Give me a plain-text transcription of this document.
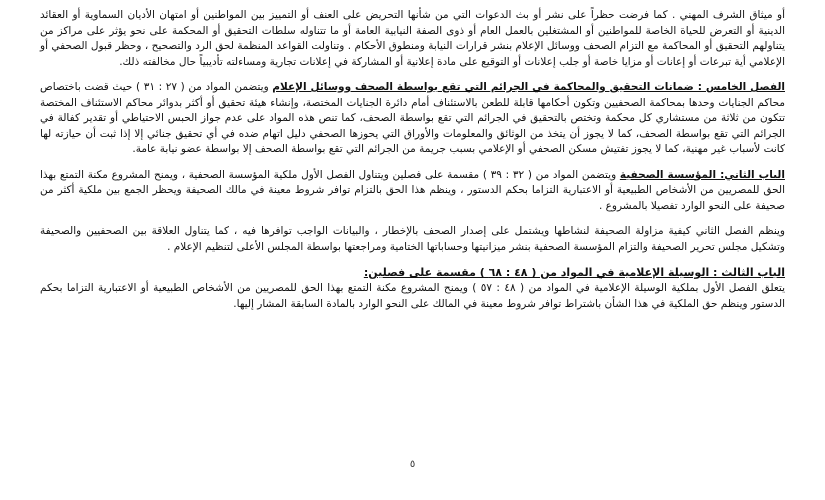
أو ميثاق الشرف المهني . كما فرضت حظراً على نشر أو بث الدعوات التي من شأنها التحريض على العنف أو التمييز بين المواطنين أو امتهان الأديان السماوية أو العقائد الدينية أو التعرض للحياة الخاصة للمواطنين أو المشتغلين بالعمل العام أو ذوى الصفة النيابية العامة أو ما تتناوله سلطات التحقيق أو المحكمة على نحو يؤثر على مراكز من يتناولهم التحقيق أو المحاكمة مع التزام الصحف ووسائل الإعلام بنشر قرارات النيابة ومنطوق الأحكام . وتناولت القواعد المنظمة لحق الرد والتصحيح ، وحظر قبول الصحفي أو الإعلامي أية تبرعات أو إعانات أو مزايا خاصة أو جلب إعلانات أو التوقيع على مادة إعلانية أو المشاركة في إعلانات تجارية ومساءلته تأديبياً حال مخالفته ذلك.

الفصل الخامس : ضمانات التحقيق والمحاكمة في الجرائم التي تقع بواسطة الصحف ووسائل الإعلام ويتضمن المواد من ( ٢٧ : ٣١ ) حيث قضت باختصاص محاكم الجنايات وحدها بمحاكمة الصحفيين وتكون أحكامها قابلة للطعن بالاستئناف أمام دائرة الجنايات المختصة، وإنشاء هيئة تحقيق أو أكثر بدوائر محاكم الاستئناف المختصة تتكون من ثلاثة من مستشاري كل محكمة وتختص بالتحقيق في الجرائم التي تقع بواسطة الصحف، كما تنص هذه المواد على عدم جواز الحبس الاحتياطي أو تقدير كفالة في الجرائم التي تقع بواسطة الصحف، كما لا يجوز أن يتخذ من الوثائق والمعلومات والأوراق التي يحوزها الصحفي دليل اتهام ضده في أي تحقيق جنائي إلا إذا ثبت أن حيازته لها كانت لأسباب غير مهنية، كما لا يجوز تفتيش مسكن الصحفي أو الإعلامي بسبب جريمة من الجرائم التي تقع بواسطة الصحف إلا بواسطة عضو نيابة عامة.

الباب الثاني: المؤسسة الصحفية ويتضمن المواد من ( ٣٢ : ٣٩ ) مقسمة على فصلين ويتناول الفصل الأول ملكية المؤسسة الصحفية ، ويمنح المشروع مكنة التمتع بهذا الحق للمصريين من الأشخاص الطبيعية أو الاعتبارية التزاما بحكم الدستور ، وينظم هذا الحق بالتزام توافر شروط معينة في مالك الصحيفة ويحظر الجمع بين ملكية أكثر من صحيفة على النحو الوارد تفصيلا بالمشروع .

وينظم الفصل الثاني كيفية مزاولة الصحيفة لنشاطها ويشتمل على إصدار الصحف بالإخطار ، والبيانات الواجب توافرها فيه ، كما يتناول العلاقة بين الصحفيين والصحيفة وتشكيل مجلس تحرير الصحيفة والتزام المؤسسة الصحفية بنشر ميزانيتها وحساباتها الختامية ومراجعتها بواسطة المجلس الأعلى لتنظيم الإعلام .

الباب الثالث : الوسيلة الإعلامية في المواد من ( ٤٨ : ٦٨ ) مقسمة على فصلين:

يتعلق الفصل الأول بملكية الوسيلة الإعلامية في المواد من ( ٤٨ : ٥٧ ) ويمنح المشروع مكنة التمتع بهذا الحق للمصريين من الأشخاص الطبيعية أو الاعتبارية التزاما بحكم الدستور وينظم حق الملكية في هذا الشأن باشتراط توافر شروط معينة في المالك على النحو الوارد بالمادة السابقة المشار إليها.

٥
